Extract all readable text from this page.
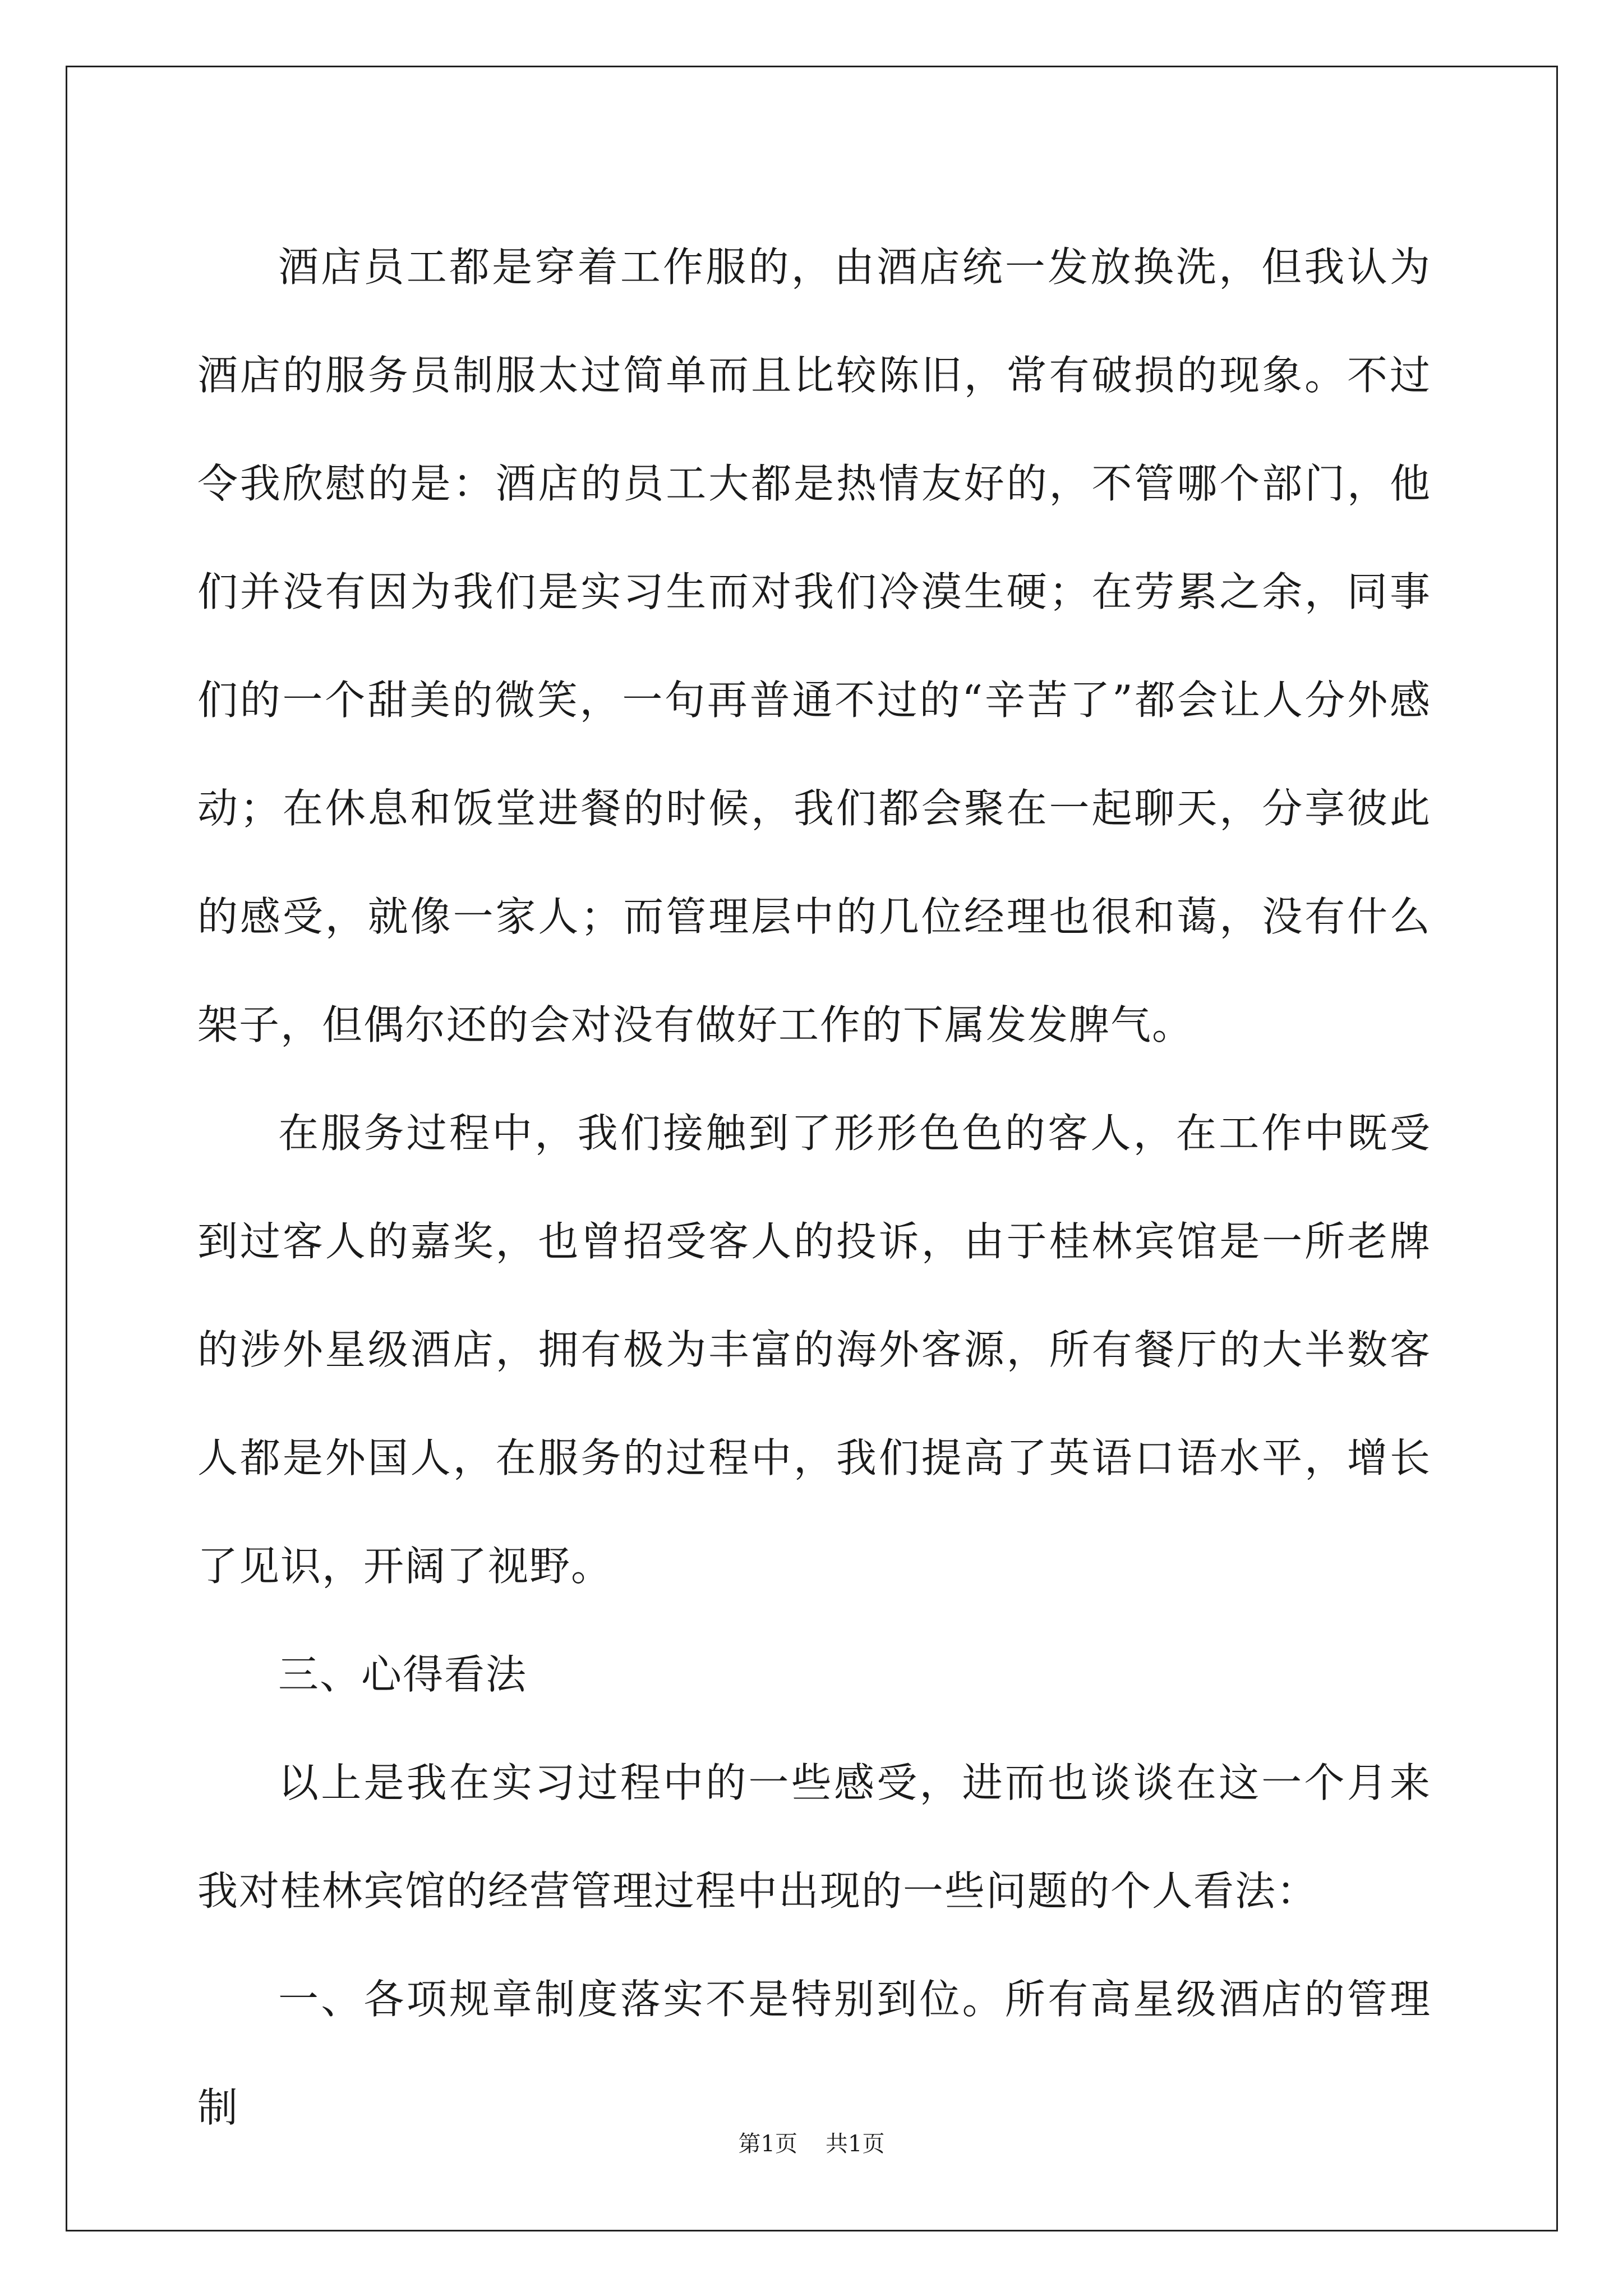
酒店员工都是穿着工作服的，由酒店统一发放换洗，但我认为酒店的服务员制服太过简单而且比较陈旧，常有破损的现象。不过令我欣慰的是：酒店的员工大都是热情友好的，不管哪个部门，他们并没有因为我们是实习生而对我们冷漠生硬；在劳累之余，同事们的一个甜美的微笑，一句再普通不过的“辛苦了”都会让人分外感动；在休息和饭堂进餐的时候，我们都会聚在一起聊天，分享彼此的感受，就像一家人；而管理层中的几位经理也很和蔼，没有什么架子，但偶尔还的会对没有做好工作的下属发发脾气。

在服务过程中，我们接触到了形形色色的客人，在工作中既受到过客人的嘉奖，也曾招受客人的投诉，由于桂林宾馆是一所老牌的涉外星级酒店，拥有极为丰富的海外客源，所有餐厅的大半数客人都是外国人，在服务的过程中，我们提高了英语口语水平，增长了见识，开阔了视野。

三、心得看法

以上是我在实习过程中的一些感受，进而也谈谈在这一个月来我对桂林宾馆的经营管理过程中出现的一些问题的个人看法：

一、各项规章制度落实不是特别到位。所有高星级酒店的管理制

第1页 共1页
